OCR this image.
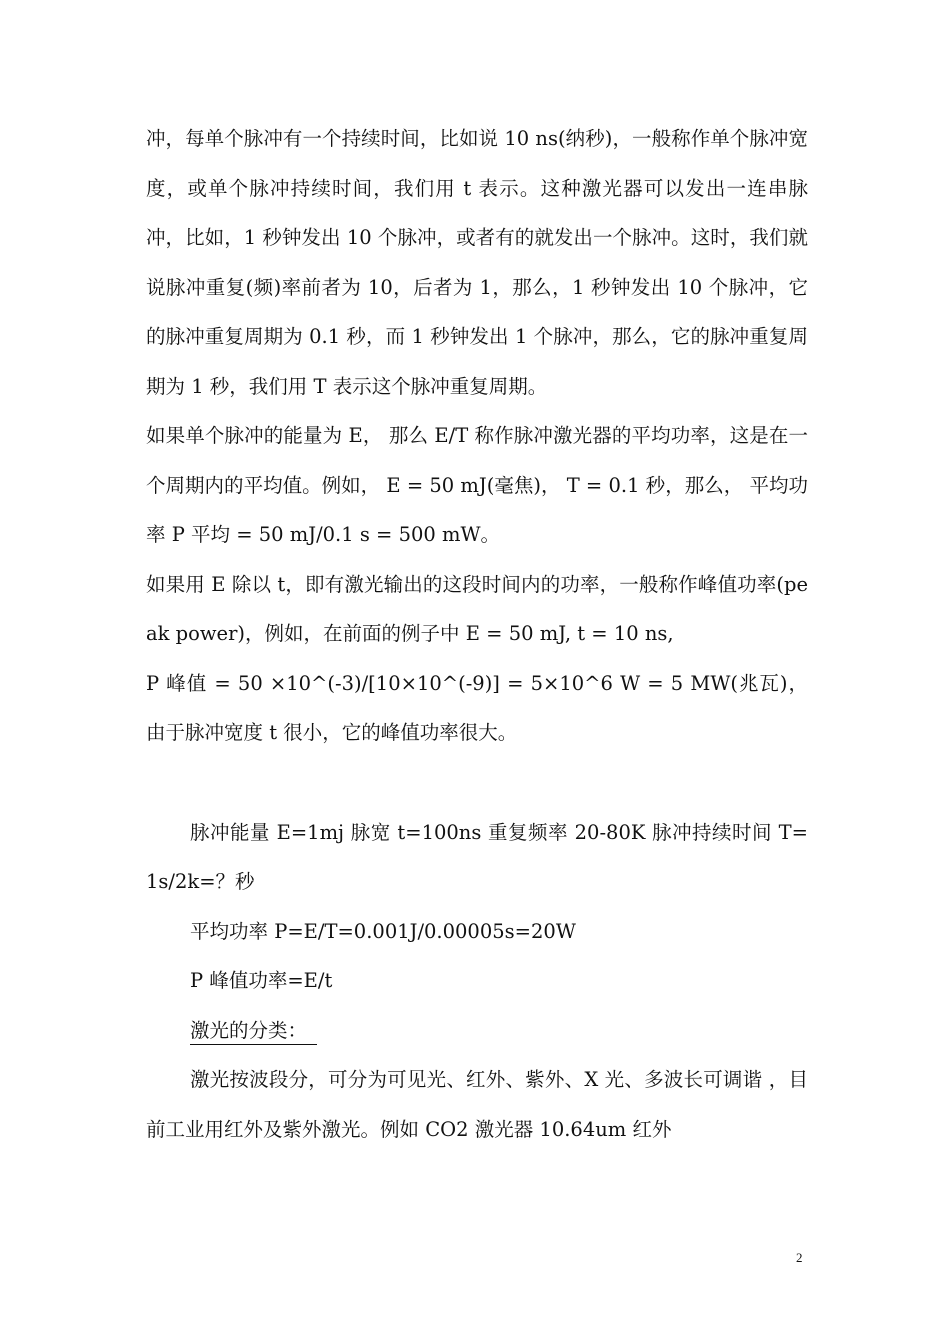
冲，每单个脉冲有一个持续时间，比如说 10 ns(纳秒)，一般称作单个脉冲宽度，或单个脉冲持续时间，我们用 t 表示。这种激光器可以发出一连串脉冲，比如，1 秒钟发出 10 个脉冲，或者有的就发出一个脉冲。这时，我们就说脉冲重复(频)率前者为 10，后者为 1，那么，1 秒钟发出 10 个脉冲，它的脉冲重复周期为 0.1 秒，而 1 秒钟发出 1 个脉冲，那么，它的脉冲重复周期为 1 秒，我们用 T 表示这个脉冲重复周期。

如果单个脉冲的能量为 E， 那么 E/T 称作脉冲激光器的平均功率，这是在一个周期内的平均值。例如， E = 50 mJ(毫焦)， T = 0.1 秒，那么， 平均功率 P 平均 = 50 mJ/0.1 s = 500 mW。

如果用 E 除以 t，即有激光输出的这段时间内的功率，一般称作峰值功率(peak power)，例如，在前面的例子中 E = 50 mJ, t = 10 ns,

P 峰值 = 50 ×10^(-3)/[10×10^(-9)] = 5×10^6 W = 5 MW(兆瓦)，由于脉冲宽度 t 很小，它的峰值功率很大。

脉冲能量 E=1mj 脉宽 t=100ns 重复频率 20-80K 脉冲持续时间 T=1s/2k=？秒

平均功率 P=E/T=0.001J/0.00005s=20W

P 峰值功率=E/t

激光的分类：

激光按波段分，可分为可见光、红外、紫外、X 光、多波长可调谐 ，目前工业用红外及紫外激光。例如 CO2 激光器 10.64um 红外

2
